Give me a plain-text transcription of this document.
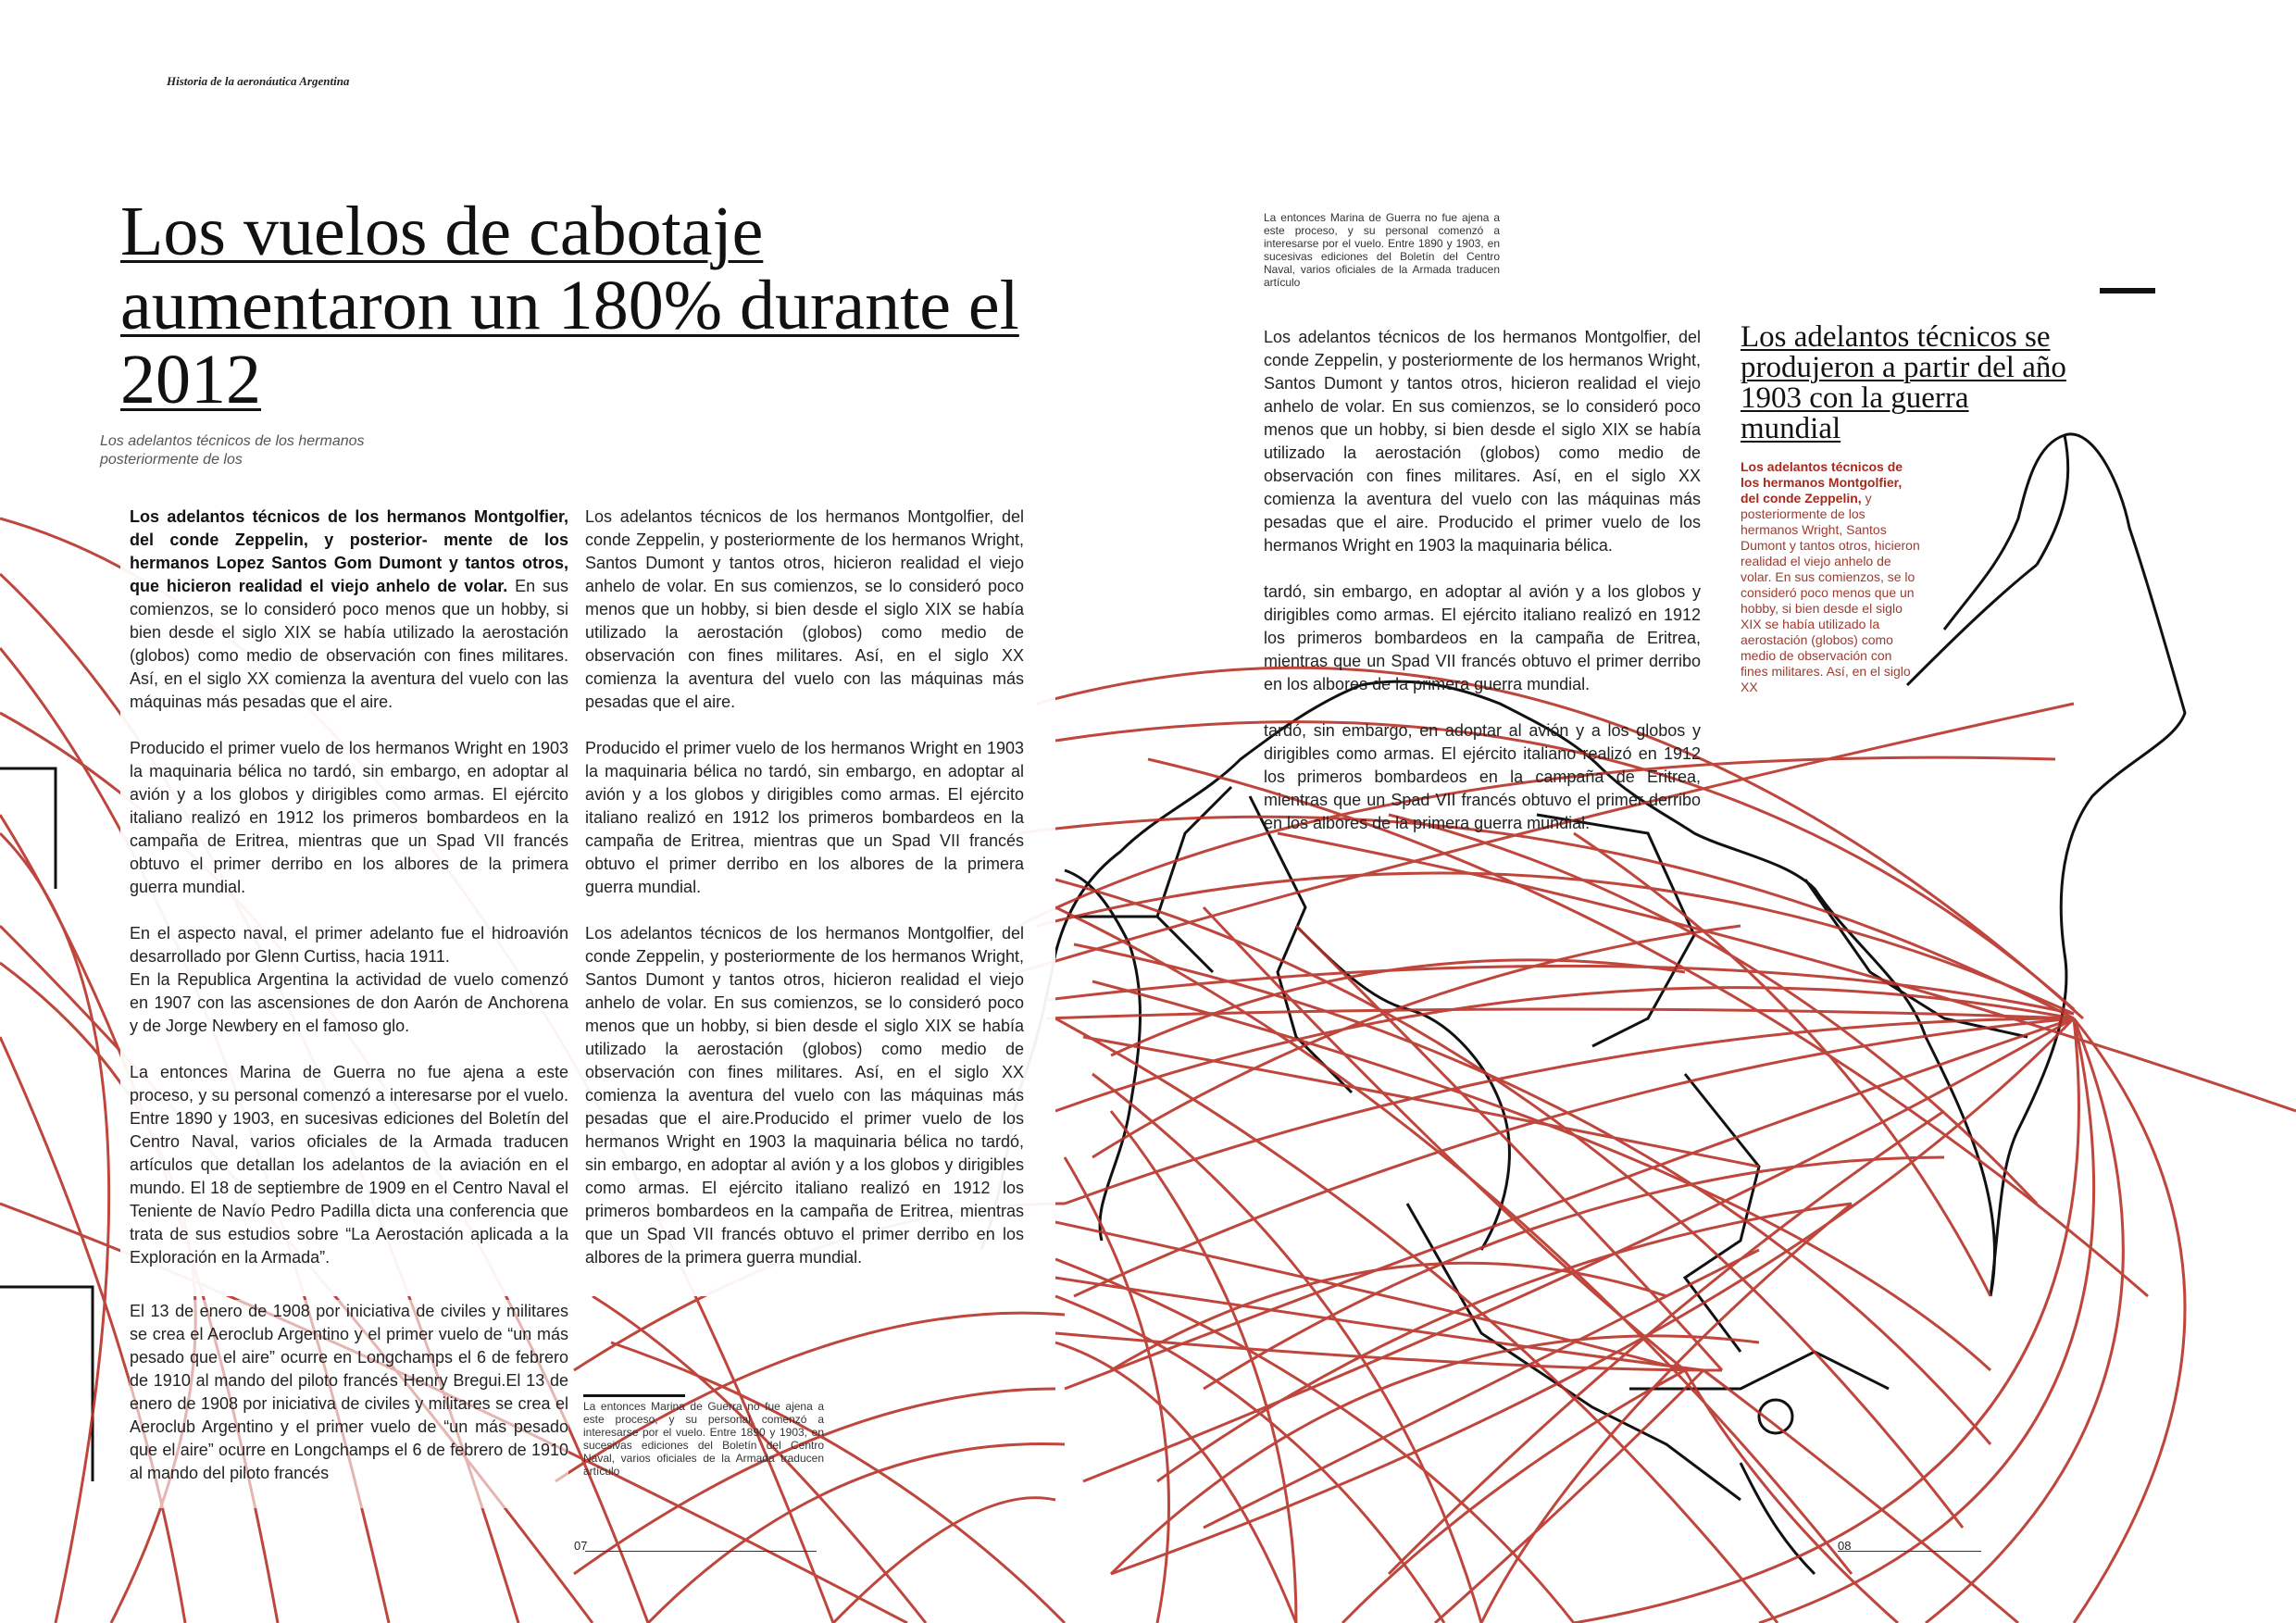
Historia de la aeronáutica Argentina
Los vuelos de cabotaje aumentaron un 180% durante el 2012
Los adelantos técnicos de los hermanos posteriormente de los

Los adelantos técnicos de los hermanos Montgolfier, del conde Zeppelin, y posterior- mente de los hermanos Lopez Santos Gom Dumont y tantos otros, que hicieron realidad el viejo anhelo de volar. En sus comienzos, se lo consideró poco menos que un hobby, si bien desde el siglo XIX se había utilizado la aerostación (globos) como medio de observación con fines militares. Así, en el siglo XX comienza la aventura del vuelo con las máquinas más pesadas que el aire.

Producido el primer vuelo de los hermanos Wright en 1903 la maquinaria bélica no tardó, sin embargo, en adoptar al avión y a los globos y dirigibles como armas. El ejército italiano realizó en 1912 los primeros bombardeos en la campaña de Eritrea, mientras que un Spad VII francés obtuvo el primer derribo en los albores de la primera guerra mundial.

En el aspecto naval, el primer adelanto fue el hidroavión desarrollado por Glenn Curtiss, hacia 1911.

En la Republica Argentina la actividad de vuelo comenzó en 1907 con las ascensiones de don Aarón de Anchorena y de Jorge Newbery en el famoso glo.

La entonces Marina de Guerra no fue ajena a este proceso, y su personal comenzó a interesarse por el vuelo. Entre 1890 y 1903, en sucesivas ediciones del Boletín del Centro Naval, varios oficiales de la Armada traducen artículos que detallan los adelantos de la aviación en el mundo. El 18 de septiembre de 1909 en el Centro Naval el Teniente de Navío Pedro Padilla dicta una conferencia que trata de sus estudios sobre “La Aerostación aplicada a la Exploración en la Armada”.

El 13 de enero de 1908 por iniciativa de civiles y militares se crea el Aeroclub Argentino y el primer vuelo de “un más pesado que el aire” ocurre en Longchamps el 6 de febrero de 1910 al mando del piloto francés Henry Bregui.El 13 de enero de 1908 por iniciativa de civiles y militares se crea el Aeroclub Argentino y el primer vuelo de “un más pesado que el aire” ocurre en Longchamps el 6 de febrero de 1910 al mando del piloto francés

Los adelantos técnicos de los hermanos Montgolfier, del conde Zeppelin, y posteriormente de los hermanos Wright, Santos Dumont y tantos otros, hicieron realidad el viejo anhelo de volar. En sus comienzos, se lo consideró poco menos que un hobby, si bien desde el siglo XIX se había utilizado la aerostación (globos) como medio de observación con fines militares. Así, en el siglo XX comienza la aventura del vuelo con las máquinas más pesadas que el aire.

Producido el primer vuelo de los hermanos Wright en 1903 la maquinaria bélica no tardó, sin embargo, en adoptar al avión y a los globos y dirigibles como armas. El ejército italiano realizó en 1912 los primeros bombardeos en la campaña de Eritrea, mientras que un Spad VII francés obtuvo el primer derribo en los albores de la primera guerra mundial.

Los adelantos técnicos de los hermanos Montgolfier, del conde Zeppelin, y posteriormente de los hermanos Wright, Santos Dumont y tantos otros, hicieron realidad el viejo anhelo de volar. En sus comienzos, se lo consideró poco menos que un hobby, si bien desde el siglo XIX se había utilizado la aerostación (globos) como medio de observación con fines militares. Así, en el siglo XX comienza la aventura del vuelo con las máquinas más pesadas que el aire.Producido el primer vuelo de los hermanos Wright en 1903 la maquinaria bélica no tardó, sin embargo, en adoptar al avión y a los globos y dirigibles como armas. El ejército italiano realizó en 1912 los primeros bombardeos en la campaña de Eritrea, mientras que un Spad VII francés obtuvo el primer derribo en los albores de la primera guerra mundial.

La entonces Marina de Guerra no fue ajena a este proceso, y su personal comenzó a interesarse por el vuelo. Entre 1890 y 1903, en sucesivas ediciones del Boletín del Centro Naval, varios oficiales de la Armada traducen artículo
La entonces Marina de Guerra no fue ajena a este proceso, y su personal comenzó a interesarse por el vuelo. Entre 1890 y 1903, en sucesivas ediciones del Boletín del Centro Naval, varios oficiales de la Armada traducen artículo

Los adelantos técnicos de los hermanos Montgolfier, del conde Zeppelin, y posteriormente de los hermanos Wright, Santos Dumont y tantos otros, hicieron realidad el viejo anhelo de volar. En sus comienzos, se lo consideró poco menos que un hobby, si bien desde el siglo XIX se había utilizado la aerostación (globos) como medio de observación con fines militares. Así, en el siglo XX comienza la aventura del vuelo con las máquinas más pesadas que el aire. Producido el primer vuelo de los hermanos Wright en 1903 la maquinaria bélica.

tardó, sin embargo, en adoptar al avión y a los globos y dirigibles como armas. El ejército italiano realizó en 1912 los primeros bombardeos en la campaña de Eritrea, mientras que un Spad VII francés obtuvo el primer derribo en los albores de la primera guerra mundial.

tardó, sin embargo, en adoptar al avión y a los globos y dirigibles como armas. El ejército italiano realizó en 1912 los primeros bombardeos en la campaña de Eritrea, mientras que un Spad VII francés obtuvo el primer derribo en los albores de la primera guerra mundial.

Los adelantos técnicos se produjeron a partir del año 1903 con la guerra mundial
Los adelantos técnicos de los hermanos Montgolfier, del conde Zeppelin, y posteriormente de los hermanos Wright, Santos Dumont y tantos otros, hicieron realidad el viejo anhelo de volar. En sus comienzos, se lo consideró poco menos que un hobby, si bien desde el siglo XIX se había utilizado la aerostación (globos) como medio de observación con fines militares. Así, en el siglo XX
07	08
